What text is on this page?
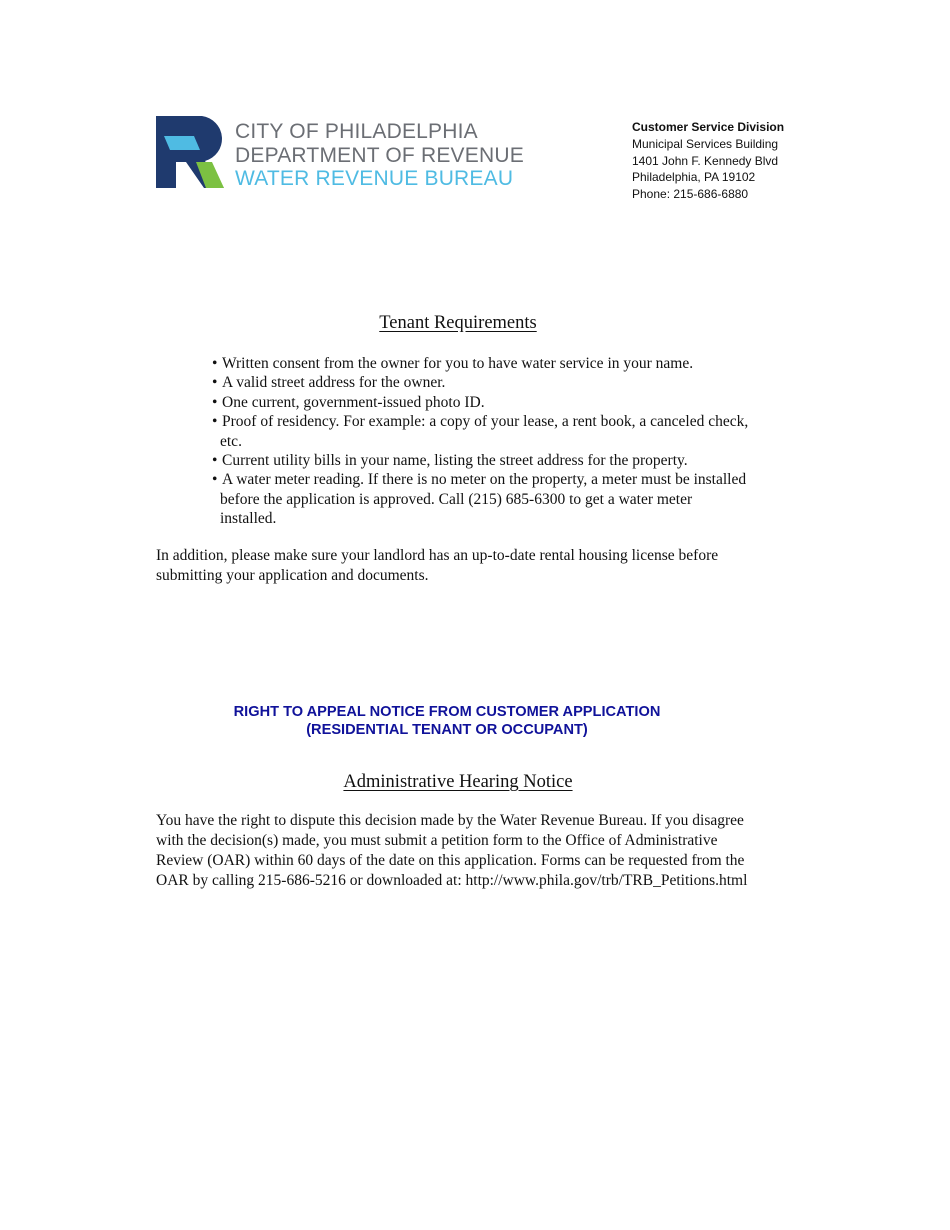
CITY OF PHILADELPHIA
DEPARTMENT OF REVENUE
WATER REVENUE BUREAU
Customer Service Division
Municipal Services Building
1401 John F. Kennedy Blvd
Philadelphia, PA 19102
Phone: 215-686-6880
Tenant Requirements
• Written consent from the owner for you to have water service in your name.
• A valid street address for the owner.
• One current, government-issued photo ID.
• Proof of residency. For example: a copy of your lease, a rent book, a canceled check, etc.
• Current utility bills in your name, listing the street address for the property.
• A water meter reading. If there is no meter on the property, a meter must be installed before the application is approved. Call (215) 685-6300 to get a water meter installed.
In addition, please make sure your landlord has an up-to-date rental housing license before submitting your application and documents.
RIGHT TO APPEAL NOTICE FROM CUSTOMER APPLICATION
(RESIDENTIAL TENANT OR OCCUPANT)
Administrative Hearing Notice
You have the right to dispute this decision made by the Water Revenue Bureau. If you disagree with the decision(s) made, you must submit a petition form to the Office of Administrative Review (OAR) within 60 days of the date on this application. Forms can be requested from the OAR by calling 215-686-5216 or downloaded at: http://www.phila.gov/trb/TRB_Petitions.html
